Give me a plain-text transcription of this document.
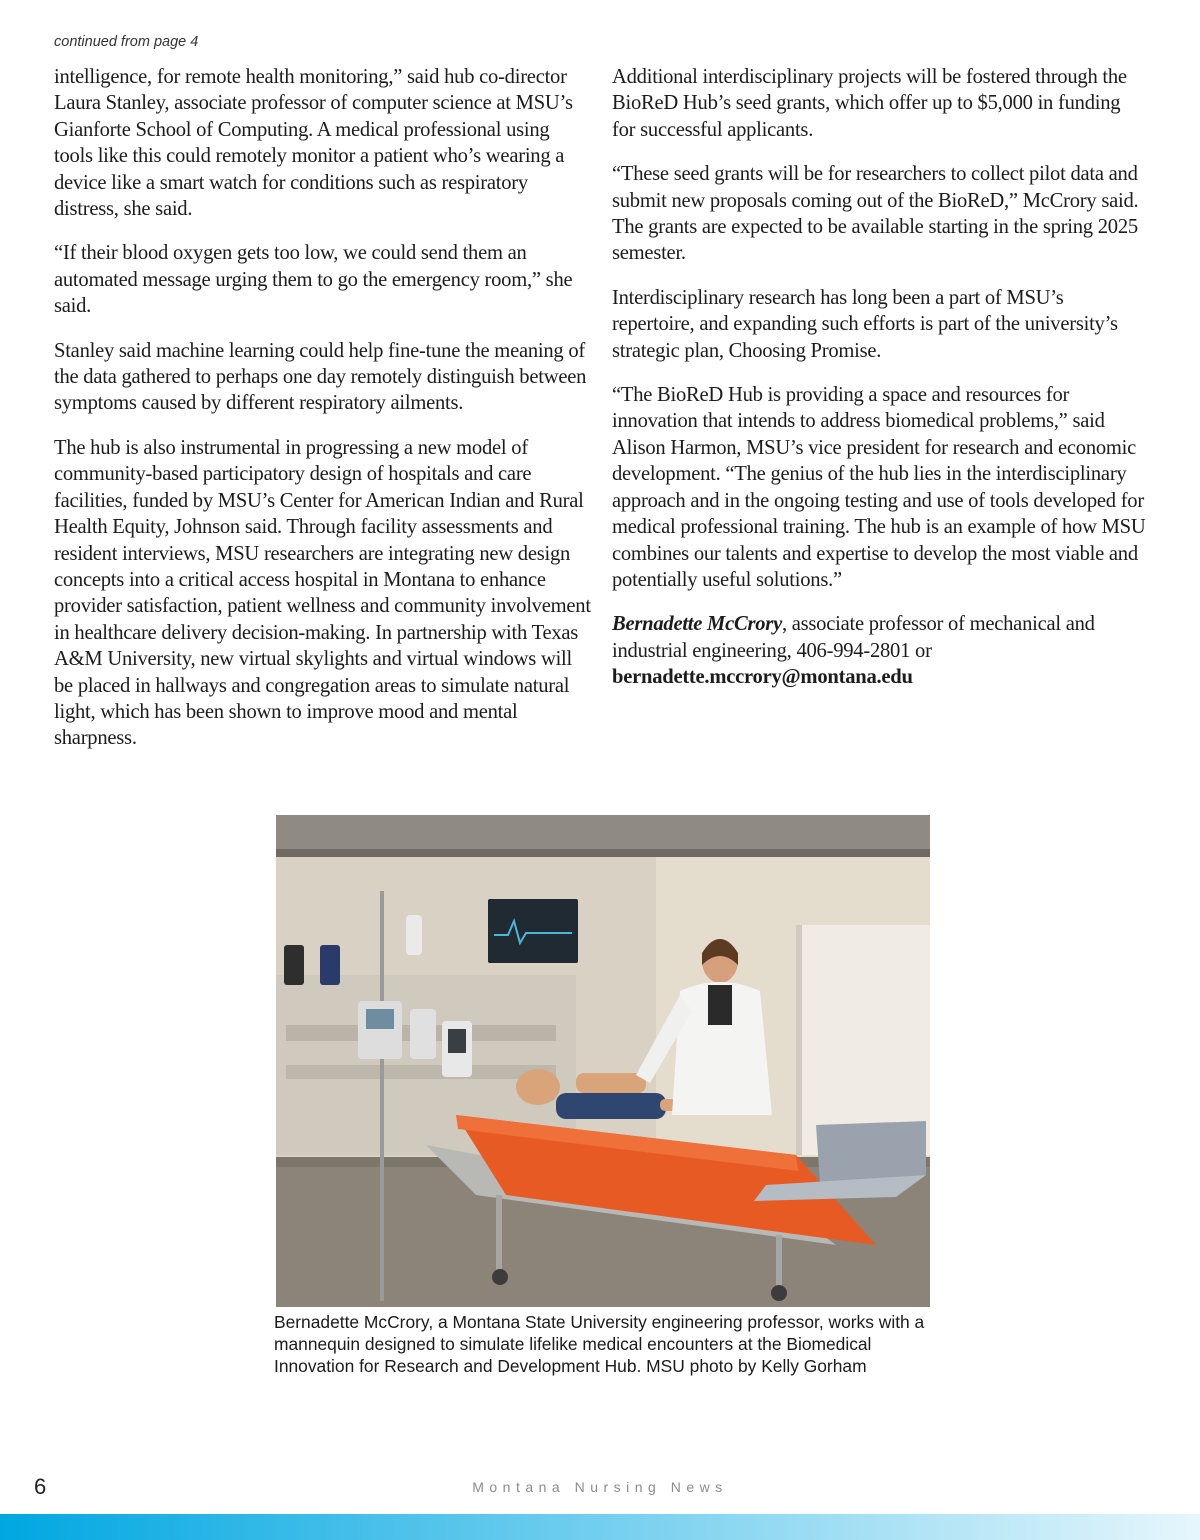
continued from page 4

intelligence, for remote health monitoring,” said hub co-director Laura Stanley, associate professor of computer science at MSU’s Gianforte School of Computing. A medical professional using tools like this could remotely monitor a patient who’s wearing a device like a smart watch for conditions such as respiratory distress, she said.

“If their blood oxygen gets too low, we could send them an automated message urging them to go the emergency room,” she said.

Stanley said machine learning could help fine-tune the meaning of the data gathered to perhaps one day remotely distinguish between symptoms caused by different respiratory ailments.

The hub is also instrumental in progressing a new model of community-based participatory design of hospitals and care facilities, funded by MSU’s Center for American Indian and Rural Health Equity, Johnson said. Through facility assessments and resident interviews, MSU researchers are integrating new design concepts into a critical access hospital in Montana to enhance provider satisfaction, patient wellness and community involvement in healthcare delivery decision-making. In partnership with Texas A&M University, new virtual skylights and virtual windows will be placed in hallways and congregation areas to simulate natural light, which has been shown to improve mood and mental sharpness.

Additional interdisciplinary projects will be fostered through the BioReD Hub’s seed grants, which offer up to $5,000 in funding for successful applicants.

“These seed grants will be for researchers to collect pilot data and submit new proposals coming out of the BioReD,” McCrory said. The grants are expected to be available starting in the spring 2025 semester.

Interdisciplinary research has long been a part of MSU’s repertoire, and expanding such efforts is part of the university’s strategic plan, Choosing Promise.

“The BioReD Hub is providing a space and resources for innovation that intends to address biomedical problems,” said Alison Harmon, MSU’s vice president for research and economic development. “The genius of the hub lies in the interdisciplinary approach and in the ongoing testing and use of tools developed for medical professional training. The hub is an example of how MSU combines our talents and expertise to develop the most viable and potentially useful solutions.”

Bernadette McCrory, associate professor of mechanical and industrial engineering, 406-994-2801 or
bernadette.mccrory@montana.edu

Bernadette McCrory, a Montana State University engineering professor, works with a mannequin designed to simulate lifelike medical encounters at the Biomedical Innovation for Research and Development Hub. MSU photo by Kelly Gorham
6	Montana Nursing News
